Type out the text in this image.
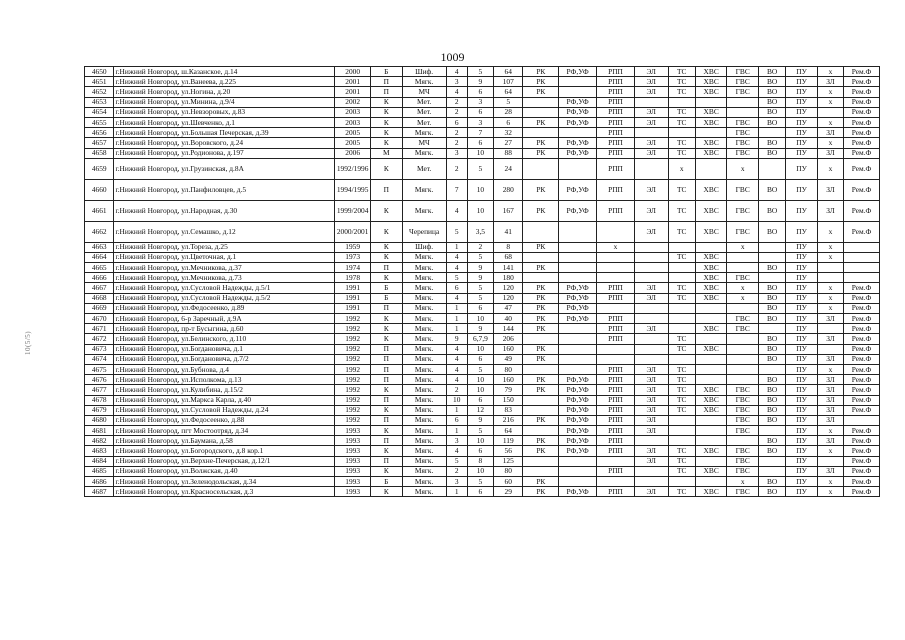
1009
10(5/5)
4650	г.Нижний Новгород, ш.Казанское, д.14	2000	Б	Шиф.	4	5	64	РК	РФ,УФ	РПП	ЭЛ	ТС	ХВС	ГВС	ВО	ПУ	х	Рем.Ф
4651	г.Нижний Новгород, ул.Ванеева, д.225	2001	П	Мягк.	3	9	107	РК		РПП	ЭЛ	ТС	ХВС	ГВС	ВО	ПУ	ЗЛ	Рем.Ф
4652	г.Нижний Новгород, ул.Ногина, д.20	2001	П	МЧ	4	6	64	РК		РПП	ЭЛ	ТС	ХВС	ГВС	ВО	ПУ	х	Рем.Ф
4653	г.Нижний Новгород, ул.Минина, д.9/4	2002	К	Мет.	2	3	5		РФ,УФ	РПП					ВО	ПУ	х	Рем.Ф
4654	г.Нижний Новгород, ул.Невзоровых, д.83	2003	К	Мет.	2	6	28		РФ,УФ	РПП	ЭЛ	ТС	ХВС		ВО	ПУ		Рем.Ф
4655	г.Нижний Новгород, ул.Шевченко, д.1	2003	К	Мет.	6	3	6	РК	РФ,УФ	РПП	ЭЛ	ТС	ХВС	ГВС	ВО	ПУ	х	Рем.Ф
4656	г.Нижний Новгород, ул.Большая Печерская, д.39	2005	К	Мягк.	2	7	32			РПП				ГВС		ПУ	ЗЛ	Рем.Ф
4657	г.Нижний Новгород, ул.Воровского, д.24	2005	К	МЧ	2	6	27	РК	РФ,УФ	РПП	ЭЛ	ТС	ХВС	ГВС	ВО	ПУ	х	Рем.Ф
4658	г.Нижний Новгород, ул.Родионова, д.197	2006	М	Мягк.	3	10	88	РК	РФ,УФ	РПП	ЭЛ	ТС	ХВС	ГВС	ВО	ПУ	ЗЛ	Рем.Ф
4659	г.Нижний Новгород, ул.Грузинская, д.8А	1992/1996	К	Мет.	2	5	24			РПП		х		х		ПУ	х	Рем.Ф
4660	г.Нижний Новгород, ул.Панфиловцев, д.5	1994/1995	П	Мягк.	7	10	280	РК	РФ,УФ	РПП	ЭЛ	ТС	ХВС	ГВС	ВО	ПУ	ЗЛ	Рем.Ф
4661	г.Нижний Новгород, ул.Народная, д.30	1999/2004	К	Мягк.	4	10	167	РК	РФ,УФ	РПП	ЭЛ	ТС	ХВС	ГВС	ВО	ПУ	ЗЛ	Рем.Ф
4662	г.Нижний Новгород, ул.Семашко, д.12	2000/2001	К	Черепица	5	3,5	41				ЭЛ	ТС	ХВС	ГВС	ВО	ПУ	х	Рем.Ф
4663	г.Нижний Новгород, ул.Тореза, д.25	1959	К	Шиф.	1	2	8	РК		х				х		ПУ	х	
4664	г.Нижний Новгород, ул.Цветочная, д.1	1973	К	Мягк.	4	5	68					ТС	ХВС			ПУ	х	
4665	г.Нижний Новгород, ул.Мечникова, д.37	1974	П	Мягк.	4	9	141	РК					ХВС		ВО	ПУ		
4666	г.Нижний Новгород, ул.Мечникова, д.73	1978	К	Мягк.	5	9	180						ХВС	ГВС		ПУ		
4667	г.Нижний Новгород, ул.Сусловой Надежды, д.5/1	1991	Б	Мягк.	6	5	120	РК	РФ,УФ	РПП	ЭЛ	ТС	ХВС	х	ВО	ПУ	х	Рем.Ф
4668	г.Нижний Новгород, ул.Сусловой Надежды, д.5/2	1991	Б	Мягк.	4	5	120	РК	РФ,УФ	РПП	ЭЛ	ТС	ХВС	х	ВО	ПУ	х	Рем.Ф
4669	г.Нижний Новгород, ул.Федосеенко, д.89	1991	П	Мягк.	1	6	47	РК	РФ,УФ						ВО	ПУ	х	Рем.Ф
4670	г.Нижний Новгород, 6-р Заречный, д.9А	1992	К	Мягк.	1	10	40	РК	РФ,УФ	РПП				ГВС	ВО	ПУ	ЗЛ	Рем.Ф
4671	г.Нижний Новгород, пр-т Бусыгина, д.60	1992	К	Мягк.	1	9	144	РК		РПП	ЭЛ		ХВС	ГВС		ПУ		Рем.Ф
4672	г.Нижний Новгород, ул.Белинского, д.110	1992	К	Мягк.	9	6,7,9	206			РПП		ТС			ВО	ПУ	ЗЛ	Рем.Ф
4673	г.Нижний Новгород, ул.Богдановича, д.1	1992	П	Мягк.	4	10	160	РК				ТС	ХВС		ВО	ПУ		Рем.Ф
4674	г.Нижний Новгород, ул.Богдановича, д.7/2	1992	П	Мягк.	4	6	49	РК							ВО	ПУ	ЗЛ	Рем.Ф
4675	г.Нижний Новгород, ул.Бубнова, д.4	1992	П	Мягк.	4	5	80			РПП	ЭЛ	ТС				ПУ	х	Рем.Ф
4676	г.Нижний Новгород, ул.Исполкома, д.13	1992	П	Мягк.	4	10	160	РК	РФ,УФ	РПП	ЭЛ	ТС			ВО	ПУ	ЗЛ	Рем.Ф
4677	г.Нижний Новгород, ул.Кулибина, д.15/2	1992	К	Мягк.	2	10	79	РК	РФ,УФ	РПП	ЭЛ	ТС	ХВС	ГВС	ВО	ПУ	ЗЛ	Рем.Ф
4678	г.Нижний Новгород, ул.Маркса Карла, д.40	1992	П	Мягк.	10	6	150		РФ,УФ	РПП	ЭЛ	ТС	ХВС	ГВС	ВО	ПУ	ЗЛ	Рем.Ф
4679	г.Нижний Новгород, ул.Сусловой Надежды, д.24	1992	К	Мягк.	1	12	83		РФ,УФ	РПП	ЭЛ	ТС	ХВС	ГВС	ВО	ПУ	ЗЛ	Рем.Ф
4680	г.Нижний Новгород, ул.Федосеенко, д.88	1992	П	Мягк.	6	9	216	РК	РФ,УФ	РПП	ЭЛ			ГВС	ВО	ПУ	ЗЛ	
4681	г.Нижний Новгород, пгт Мостоотряд, д.34	1993	К	Мягк.	1	5	64		РФ,УФ	РПП	ЭЛ			ГВС		ПУ	х	Рем.Ф
4682	г.Нижний Новгород, ул.Баумана, д.58	1993	П	Мягк.	3	10	119	РК	РФ,УФ	РПП					ВО	ПУ	ЗЛ	Рем.Ф
4683	г.Нижний Новгород, ул.Богородского, д.8 кор.1	1993	К	Мягк.	4	6	56	РК	РФ,УФ	РПП	ЭЛ	ТС	ХВС	ГВС	ВО	ПУ	х	Рем.Ф
4684	г.Нижний Новгород, ул.Верхне-Печерская, д.12/1	1993	П	Мягк.	5	8	125				ЭЛ	ТС		ГВС		ПУ		Рем.Ф
4685	г.Нижний Новгород, ул.Волжская, д.40	1993	К	Мягк.	2	10	80			РПП		ТС	ХВС	ГВС		ПУ	ЗЛ	Рем.Ф
4686	г.Нижний Новгород, ул.Зеленодольская, д.34	1993	Б	Мягк.	3	5	60	РК						х	ВО	ПУ	х	Рем.Ф
4687	г.Нижний Новгород, ул.Красносельская, д.3	1993	К	Мягк.	1	6	29	РК	РФ,УФ	РПП	ЭЛ	ТС	ХВС	ГВС	ВО	ПУ	х	Рем.Ф
